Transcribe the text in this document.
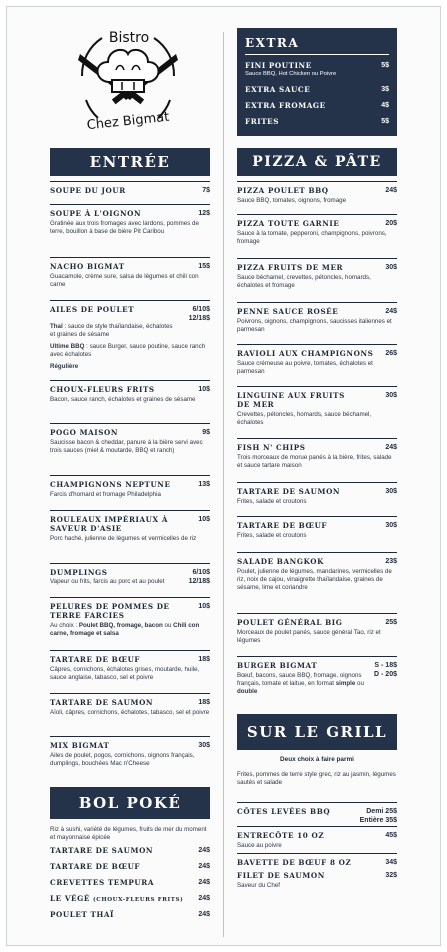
Bistro
Chez Bigmat
ENTRÉE
SOUPE DU JOUR	7$
SOUPE À L'OIGNON	12$
Gratinée aux trois fromages avec lardons, pommes de terre, bouillon à base de bière Pit Caribou
NACHO BIGMAT	15$
Guacamole, crème sure, salsa de légumes et chili con carne
AILES DE POULET	6/10$
12/18$
Thaï : sauce de style thaïlandaise, échalotes et graines de sésame
Ultime BBQ : sauce Burger, sauce poutine, sauce ranch avec échalotes
Régulière
CHOUX-FLEURS FRITS	10$
Bacon, sauce ranch, échalotes et graines de sésame
POGO MAISON	9$
Saucisse bacon & cheddar, panure à la bière servi avec trois sauces (miel & moutarde, BBQ et ranch)
CHAMPIGNONS NEPTUNE	13$
Farcis d'homard et fromage Philadelphia
ROULEAUX IMPÉRIAUX À SAVEUR D'ASIE
10$
Porc haché, julienne de légumes et vermicelles de riz
DUMPLINGS	6/10$
12/18$
Vapeur ou frits, farcis au porc et au poulet
PELURES DE POMMES DE TERRE FARCIES
10$
Au choix : Poulet BBQ, fromage, bacon ou Chili con carne, fromage et salsa
TARTARE DE BŒUF	18$
Câpres, cornichons, échalotes grises, moutarde, huile, sauce anglaise, tabasco, sel et poivre
TARTARE DE SAUMON	18$
Aïoli, câpres, cornichons, échalotes, tabasco, sel et poivre
MIX BIGMAT	30$
Ailes de poulet, pogos, cornichons, oignons français, dumplings, bouchées Mac n'Cheese
BOL POKÉ
Riz à sushi, variété de légumes, fruits de mer du moment et mayonnaise épicée
TARTARE DE SAUMON	24$
TARTARE DE BŒUF	24$
CREVETTES TEMPURA	24$
LE VÉGÉ (CHOUX-FLEURS FRITS) 24$
POULET THAÏ	24$
EXTRA
FINI POUTINE	5$
Sauce BBQ, Hot Chicken ou Poivre
EXTRA SAUCE	3$
EXTRA FROMAGE	4$
FRITES	5$
PIZZA & PÂTE
PIZZA POULET BBQ	24$
Sauce BBQ, tomates, oignons, fromage
PIZZA TOUTE GARNIE	20$
Sauce à la tomate, pepperoni, champignons, poivrons, fromage
PIZZA FRUITS DE MER	30$
Sauce béchamel, crevettes, pétoncles, homards, échalotes et fromage
PENNE SAUCE ROSÉE	24$
Poivrons, oignons, champignons, saucisses italiennes et parmesan
RAVIOLI AUX CHAMPIGNONS 26$
Sauce crémeuse au poivre, tomates, échalotes et parmesan
LINGUINE AUX FRUITS DE MER
30$
Crevettes, pétoncles, homards, sauce béchamel, échalotes
FISH N' CHIPS	24$
Trois morceaux de morue panés à la bière, frites, salade et sauce tartare maison
TARTARE DE SAUMON	30$
Frites, salade et croutons
TARTARE DE BŒUF	30$
Frites, salade et croutons
SALADE BANGKOK	23$
Poulet, julienne de légumes, mandarines, vermicelles de riz, noix de cajou, vinaigrette thaïlandaise, graines de sésame, lime et coriandre
POULET GÉNÉRAL BIG	25$
Morceaux de poulet panés, sauce général Tao, riz et légumes
BURGER BIGMAT	S - 18$
D - 20$
Bœuf, bacons, sauce BBQ, fromage, oignons français, tomate et laitue, en format simple ou double
SUR LE GRILL
Deux choix à faire parmi
Frites, pommes de terre style grec, riz au jasmin, légumes sautés et salade
CÔTES LEVÉES BBQ	Demi 25$
Entière 35$
ENTRECÔTE 10 OZ	45$
Sauce au poivre
BAVETTE DE BŒUF 8 OZ	34$
FILET DE SAUMON	32$
Saveur du Chef
